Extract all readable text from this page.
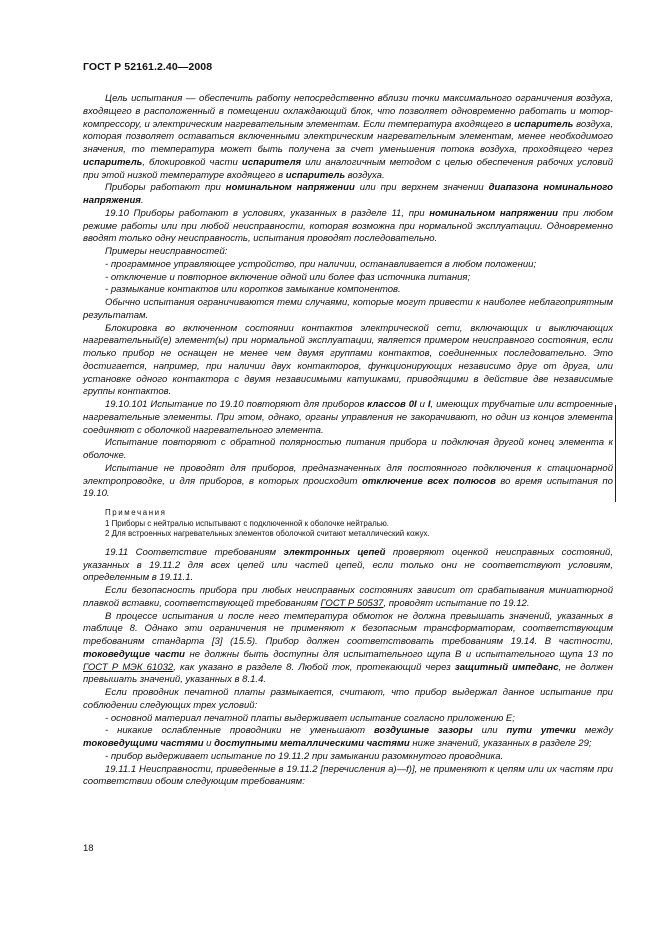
ГОСТ Р 52161.2.40—2008

Цель испытания — обеспечить работу непосредственно вблизи точки максимального ограничения воздуха, входящего в расположенный в помещении охлаждающий блок, что позволяет одновременно работать и мотор-компрессору, и электрическим нагревательным элементам. Если температура входящего в испаритель воздуха, которая позволяет оставаться включенными электрическим нагревательным элементам, менее необходимого значения, то температура может быть получена за счет уменьшения потока воздуха, проходящего через испаритель, блокировкой части испарителя или аналогичным методом с целью обеспечения рабочих условий при этой низкой температуре входящего в испаритель воздуха.

Приборы работают при номинальном напряжении или при верхнем значении диапазона номинального напряжения.

19.10 Приборы работают в условиях, указанных в разделе 11, при номинальном напряжении при любом режиме работы или при любой неисправности, которая возможна при нормальной эксплуатации. Одновременно вводят только одну неисправность, испытания проводят последовательно.

Примеры неисправностей:

- программное управляющее устройство, при наличии, останавливается в любом положении;

- отключение и повторное включение одной или более фаз источника питания;

- размыкание контактов или коротков замыкание компонентов.

Обычно испытания ограничиваются теми случаями, которые могут привести к наиболее неблагоприятным результатам.

Блокировка во включенном состоянии контактов электрической сети, включающих и выключающих нагревательный(е) элемент(ы) при нормальной эксплуатации, является примером неисправного состояния, если только прибор не оснащен не менее чем двумя группами контактов, соединенных последовательно. Это достигается, например, при наличии двух контакторов, функционирующих независимо друг от друга, или установке одного контактора с двумя независимыми катушками, приводящими в действие две независимые группы контактов.

19.10.101 Испытание по 19.10 повторяют для приборов классов 0I и I, имеющих трубчатые или встроенные нагревательные элементы. При этом, однако, органы управления не закорачивают, но один из концов элемента соединяют с оболочкой нагревательного элемента.

Испытание повторяют с обратной полярностью питания прибора и подключая другой конец элемента к оболочке.

Испытание не проводят для приборов, предназначенных для постоянного подключения к стационарной электропроводке, и для приборов, в которых происходит отключение всех полюсов во время испытания по 19.10.

Примечания
1 Приборы с нейтралью испытывают с подключенной к оболочке нейтралью.
2 Для встроенных нагревательных элементов оболочкой считают металлический кожух.

19.11 Соответствие требованиям электронных цепей проверяют оценкой неисправных состояний, указанных в 19.11.2 для всех цепей или частей цепей, если только они не соответствуют условиям, определенным в 19.11.1.

Если безопасность прибора при любых неисправных состояниях зависит от срабатывания миниатюрной плавкой вставки, соответствующей требованиям ГОСТ Р 50537, проводят испытание по 19.12.

В процессе испытания и после него температура обмоток не должна превышать значений, указанных в таблице 8. Однако эти ограничения не применяют к безопасным трансформаторам, соответствующим требованиям стандарта [3] (15.5). Прибор должен соответствовать требованиям 19.14. В частности, токоведущие части не должны быть доступны для испытательного щупа В и испытательного щупа 13 по ГОСТ Р МЭК 61032, как указано в разделе 8. Любой ток, протекающий через защитный импеданс, не должен превышать значений, указанных в 8.1.4.

Если проводник печатной платы размыкается, считают, что прибор выдержал данное испытание при соблюдении следующих трех условий:

- основной материал печатной платы выдерживает испытание согласно приложению Е;

- никакие ослабленные проводники не уменьшают воздушные зазоры или пути утечки между токоведущими частями и доступными металлическими частями ниже значений, указанных в разделе 29;

- прибор выдерживает испытание по 19.11.2 при замыкании разомкнутого проводника.

19.11.1 Неисправности, приведенные в 19.11.2 [перечисления а)—f)], не применяют к цепям или их частям при соответствии обоим следующим требованиям:

18
